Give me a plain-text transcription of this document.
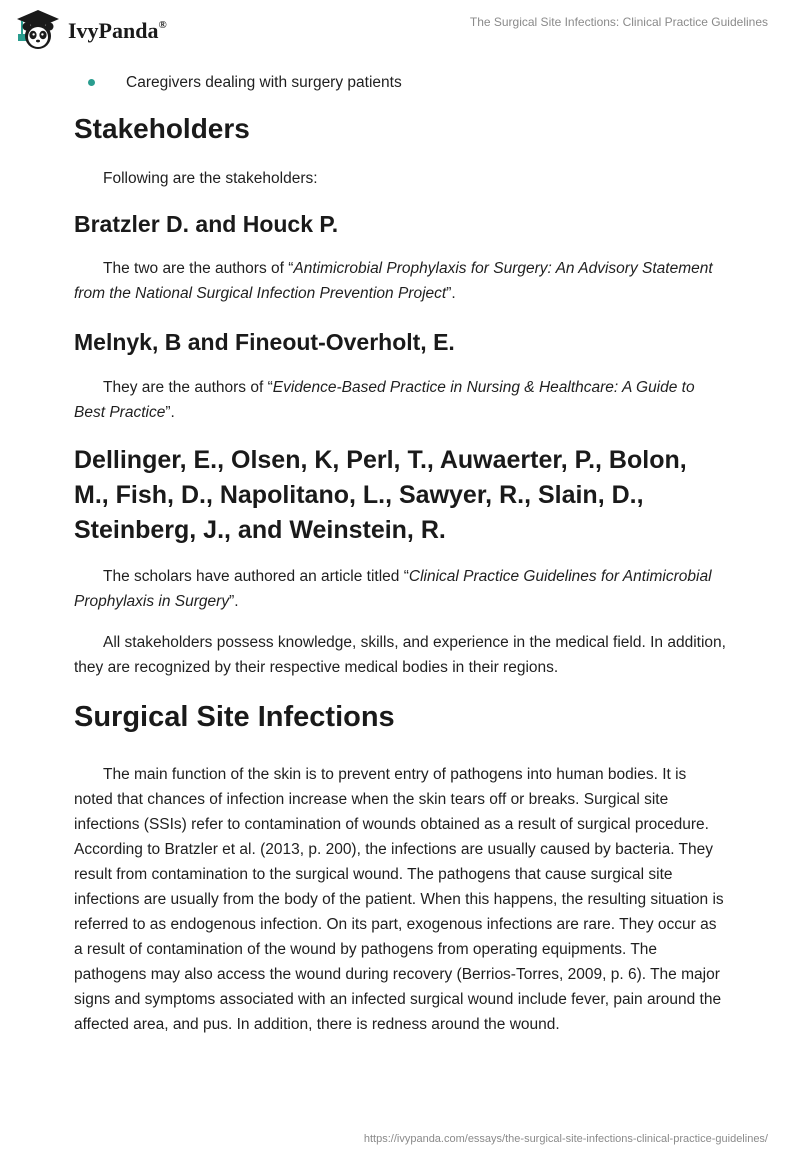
IvyPanda®	The Surgical Site Infections: Clinical Practice Guidelines
Caregivers dealing with surgery patients
Stakeholders

Following are the stakeholders:

Bratzler D. and Houck P.

The two are the authors of “Antimicrobial Prophylaxis for Surgery: An Advisory Statement from the National Surgical Infection Prevention Project”.

Melnyk, B and Fineout-Overholt, E.

They are the authors of “Evidence-Based Practice in Nursing & Healthcare: A Guide to Best Practice”.

Dellinger, E., Olsen, K, Perl, T., Auwaerter, P., Bolon, M., Fish, D., Napolitano, L., Sawyer, R., Slain, D., Steinberg, J., and Weinstein, R.

The scholars have authored an article titled “Clinical Practice Guidelines for Antimicrobial Prophylaxis in Surgery”.

All stakeholders possess knowledge, skills, and experience in the medical field. In addition, they are recognized by their respective medical bodies in their regions.

Surgical Site Infections

The main function of the skin is to prevent entry of pathogens into human bodies. It is noted that chances of infection increase when the skin tears off or breaks. Surgical site infections (SSIs) refer to contamination of wounds obtained as a result of surgical procedure. According to Bratzler et al. (2013, p. 200), the infections are usually caused by bacteria. They result from contamination to the surgical wound. The pathogens that cause surgical site infections are usually from the body of the patient. When this happens, the resulting situation is referred to as endogenous infection. On its part, exogenous infections are rare. They occur as a result of contamination of the wound by pathogens from operating equipments. The pathogens may also access the wound during recovery (Berrios-Torres, 2009, p. 6). The major signs and symptoms associated with an infected surgical wound include fever, pain around the affected area, and pus. In addition, there is redness around the wound.

https://ivypanda.com/essays/the-surgical-site-infections-clinical-practice-guidelines/
